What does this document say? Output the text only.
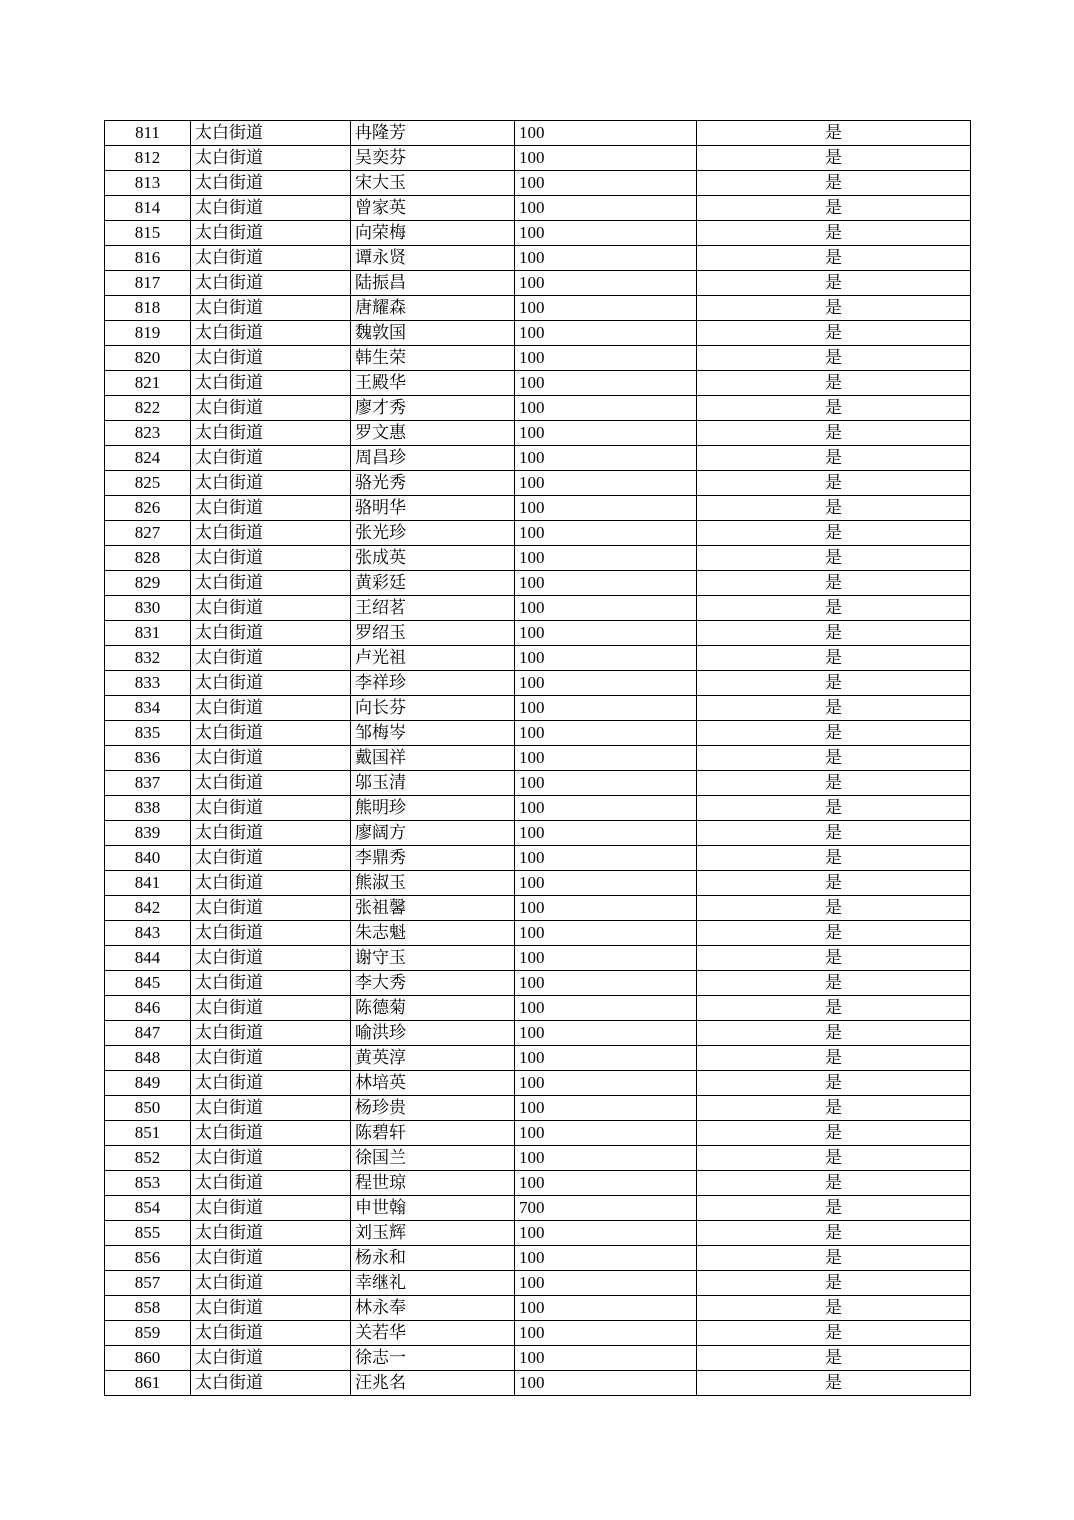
811	太白街道	冉隆芳	100	是
812	太白街道	吴奕芬	100	是
813	太白街道	宋大玉	100	是
814	太白街道	曾家英	100	是
815	太白街道	向荣梅	100	是
816	太白街道	谭永贤	100	是
817	太白街道	陆振昌	100	是
818	太白街道	唐耀森	100	是
819	太白街道	魏敦国	100	是
820	太白街道	韩生荣	100	是
821	太白街道	王殿华	100	是
822	太白街道	廖才秀	100	是
823	太白街道	罗文惠	100	是
824	太白街道	周昌珍	100	是
825	太白街道	骆光秀	100	是
826	太白街道	骆明华	100	是
827	太白街道	张光珍	100	是
828	太白街道	张成英	100	是
829	太白街道	黄彩廷	100	是
830	太白街道	王绍茗	100	是
831	太白街道	罗绍玉	100	是
832	太白街道	卢光祖	100	是
833	太白街道	李祥珍	100	是
834	太白街道	向长芬	100	是
835	太白街道	邹梅岑	100	是
836	太白街道	戴国祥	100	是
837	太白街道	邬玉清	100	是
838	太白街道	熊明珍	100	是
839	太白街道	廖阔方	100	是
840	太白街道	李鼎秀	100	是
841	太白街道	熊淑玉	100	是
842	太白街道	张祖馨	100	是
843	太白街道	朱志魁	100	是
844	太白街道	谢守玉	100	是
845	太白街道	李大秀	100	是
846	太白街道	陈德菊	100	是
847	太白街道	喻洪珍	100	是
848	太白街道	黄英淳	100	是
849	太白街道	林培英	100	是
850	太白街道	杨珍贵	100	是
851	太白街道	陈碧轩	100	是
852	太白街道	徐国兰	100	是
853	太白街道	程世琼	100	是
854	太白街道	申世翰	700	是
855	太白街道	刘玉辉	100	是
856	太白街道	杨永和	100	是
857	太白街道	幸继礼	100	是
858	太白街道	林永奉	100	是
859	太白街道	关若华	100	是
860	太白街道	徐志一	100	是
861	太白街道	汪兆名	100	是
